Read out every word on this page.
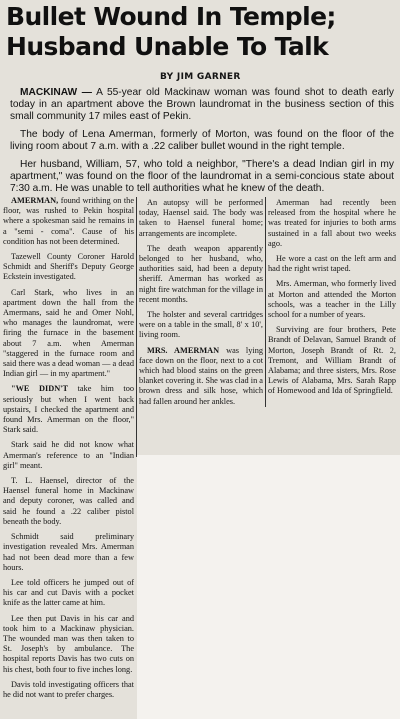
Bullet Wound In Temple;
Husband Unable To Talk
BY JIM GARNER

MACKINAW — A 55-year old Mackinaw woman was found shot to death early today in an apartment above the Brown laundromat in the business section of this small community 17 miles east of Pekin.

The body of Lena Amerman, formerly of Morton, was found on the floor of the living room about 7 a.m. with a .22 caliber bullet wound in the right temple.

Her husband, William, 57, who told a neighbor, "There's a dead Indian girl in my apartment," was found on the floor of the laundromat in a semi-concious state about 7:30 a.m. He was unable to tell authorities what he knew of the death.

AMERMAN, found writhing on the floor, was rushed to Pekin hospital where a spokesman said he remains in a "semi - coma". Cause of his condition has not been determined.

Tazewell County Coroner Harold Schmidt and Sheriff's Deputy George Eckstein investigated.

Carl Stark, who lives in an apartment down the hall from the Amermans, said he and Omer Nohl, who manages the laundromat, were firing the furnace in the basement about 7 a.m. when Amerman "staggered in the furnace room and said there was a dead woman — a dead Indian girl — in my apartment."

"WE DIDN'T take him too seriously but when I went back upstairs, I checked the apartment and found Mrs. Amerman on the floor," Stark said.

Stark said he did not know what Amerman's reference to an "Indian girl" meant.

T. L. Haensel, director of the Haensel funeral home in Mackinaw and deputy coroner, was called and said he found a .22 caliber pistol beneath the body.

Schmidt said preliminary investigation revealed Mrs. Amerman had not been dead more than a few hours.

Lee told officers he jumped out of his car and cut Davis with a pocket knife as the latter came at him.

Lee then put Davis in his car and took him to a Mackinaw physician. The wounded man was then taken to St. Joseph's by ambulance. The hospital reports Davis has two cuts on his chest, both four to five inches long.

Davis told investigating officers that he did not want to prefer charges.

An autopsy will be performed today, Haensel said. The body was taken to Haensel funeral home; arrangements are incomplete.

The death weapon apparently belonged to her husband, who, authorities said, had been a deputy sheriff. Amerman has worked as night fire watchman for the village in recent months.

The holster and several cartridges were on a table in the small, 8' x 10', living room.

MRS. AMERMAN was lying face down on the floor, next to a cot which had blood stains on the green blanket covering it. She was clad in a brown dress and silk hose, which had fallen around her ankles.

Amerman had recently been released from the hospital where he was treated for injuries to both arms sustained in a fall about two weeks ago.

He wore a cast on the left arm and had the right wrist taped.

Mrs. Amerman, who formerly lived at Morton and attended the Morton schools, was a teacher in the Lilly school for a number of years.

Surviving are four brothers, Pete Brandt of Delavan, Samuel Brandt of Morton, Joseph Brandt of Rt. 2, Tremont, and William Brandt of Alabama; and three sisters, Mrs. Rose Lewis of Alabama, Mrs. Sarah Rapp of Homewood and Ida of Springfield.
